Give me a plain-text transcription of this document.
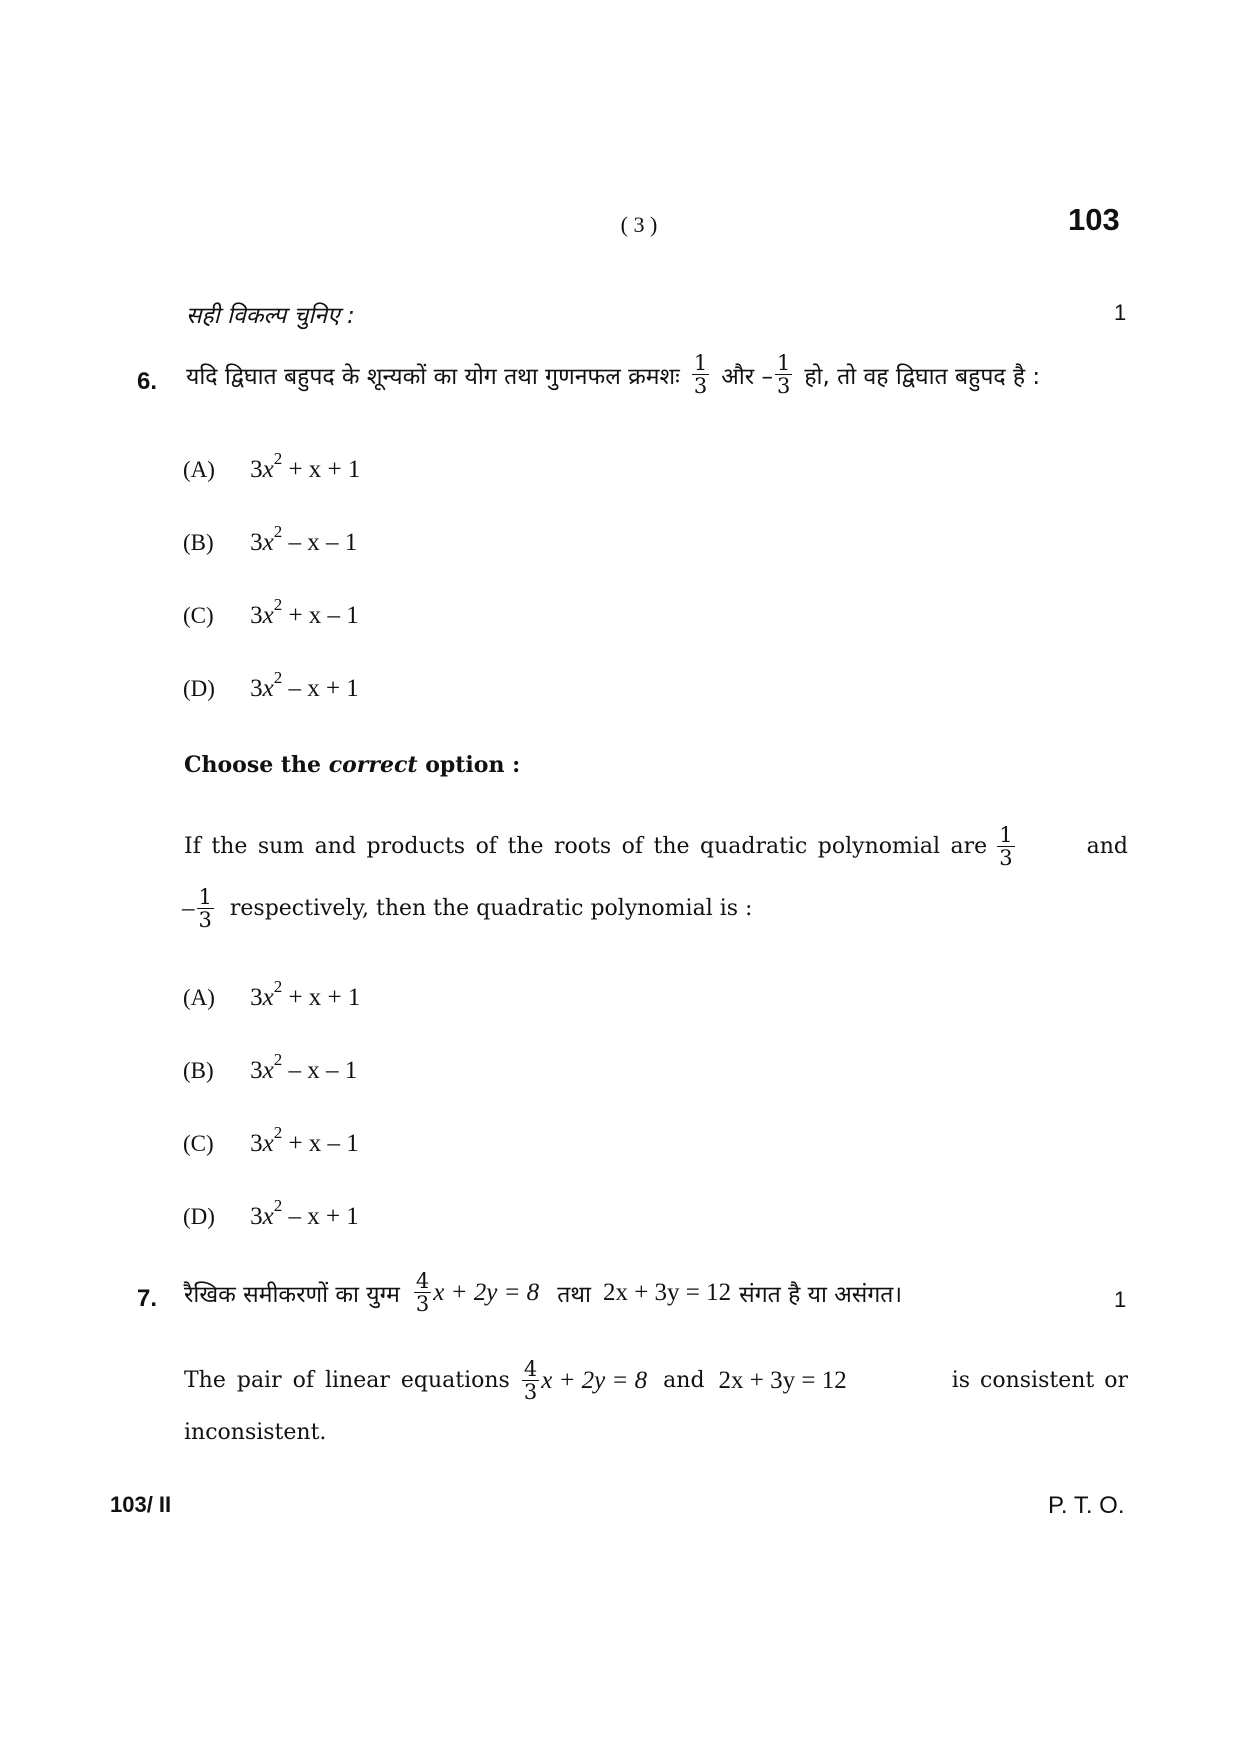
( 3 )	103
सही विकल्प चुनिए :	1
6. यदि द्विघात बहुपद के शून्यकों का योग तथा गुणनफल क्रमशः $\frac{1}{3}$ और – $\frac{1}{3}$ हो, तो वह द्विघात बहुपद है :
(A) $3x^2 + x + 1$
(B) $3x^2$ – x – 1
(C) $3x^2 + x - 1$
(D) $3x^2 - x + 1$
Choose the correct option :
If the sum and products of the roots of the quadratic polynomial are $\frac{1}{3}$	and
– $\frac{1}{3}$ respectively, then the quadratic polynomial is :
(A) $3x^2 + x + 1$
(B) $3x^2$ – x – 1
(C) $3x^2 + x - 1$
(D) $3x^2 - x + 1$
7. रैखिक समीकरणों का युग्म $\frac{4}{3}$ x + 2y = 8 तथा 2x + 3y = 12 संगत है या असंगत।	1
The pair of linear equations $\frac{4}{3}$ x + 2y = 8 and 2x + 3y = 12	is consistent or
inconsistent.
103/ II	P. T. O.
